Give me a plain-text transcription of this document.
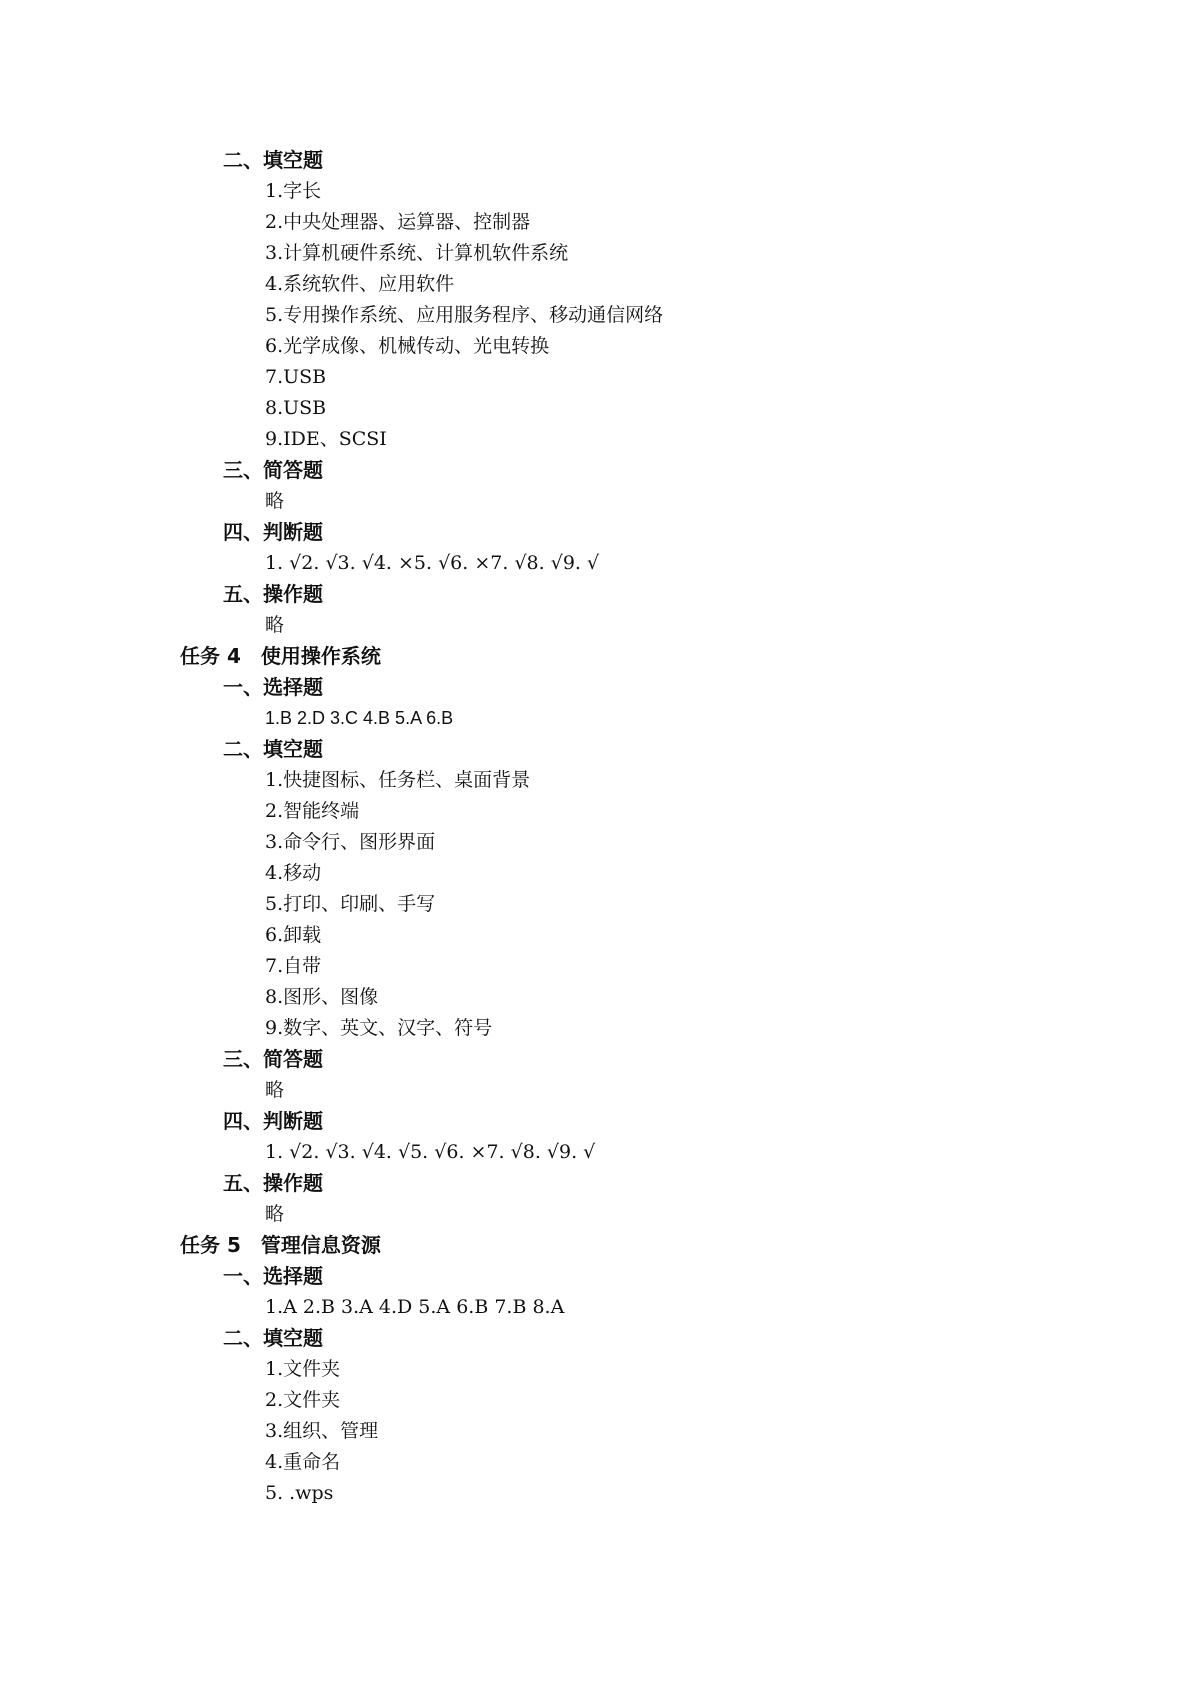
二、填空题
1.字长
2.中央处理器、运算器、控制器
3.计算机硬件系统、计算机软件系统
4.系统软件、应用软件
5.专用操作系统、应用服务程序、移动通信网络
6.光学成像、机械传动、光电转换
7.USB
8.USB
9.IDE、SCSI
三、简答题
略
四、判断题
1. √2. √3. √4. ×5. √6. ×7. √8. √9. √
五、操作题
略
任务 4　使用操作系统
一、选择题
1.B 2.D 3.C 4.B 5.A 6.B
二、填空题
1.快捷图标、任务栏、桌面背景
2.智能终端
3.命令行、图形界面
4.移动
5.打印、印刷、手写
6.卸载
7.自带
8.图形、图像
9.数字、英文、汉字、符号
三、简答题
略
四、判断题
1. √2. √3. √4. √5. √6. ×7. √8. √9. √
五、操作题
略
任务 5　管理信息资源
一、选择题
1.A 2.B 3.A 4.D 5.A 6.B 7.B 8.A
二、填空题
1.文件夹
2.文件夹
3.组织、管理
4.重命名
5. .wps
